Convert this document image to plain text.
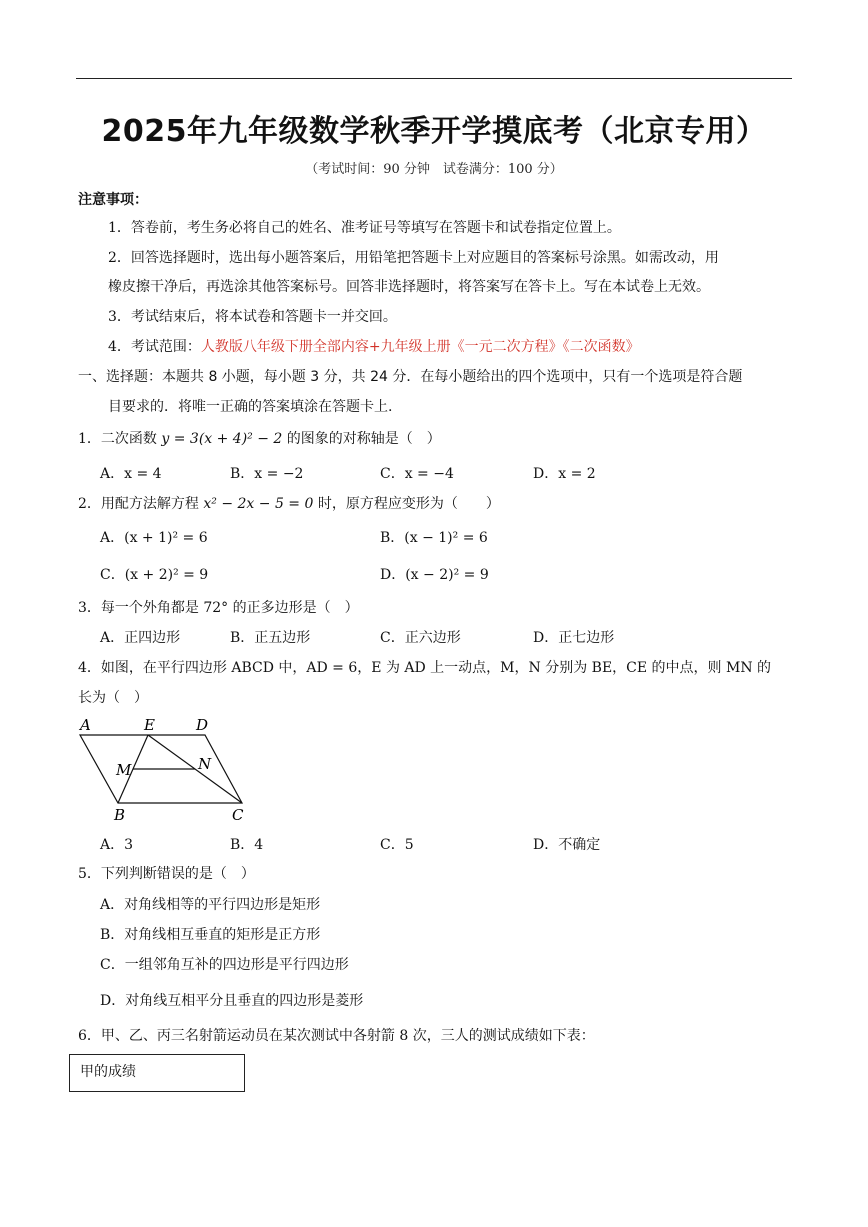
2025年九年级数学秋季开学摸底考（北京专用）
（考试时间：90 分钟　试卷满分：100 分）
注意事项：
1．答卷前，考生务必将自己的姓名、准考证号等填写在答题卡和试卷指定位置上。
2．回答选择题时，选出每小题答案后，用铅笔把答题卡上对应题目的答案标号涂黑。如需改动，用
橡皮擦干净后，再选涂其他答案标号。回答非选择题时，将答案写在答卡上。写在本试卷上无效。
3．考试结束后，将本试卷和答题卡一并交回。
4．考试范围：人教版八年级下册全部内容+九年级上册《一元二次方程》《二次函数》
一、选择题：本题共 8 小题，每小题 3 分，共 24 分．在每小题给出的四个选项中，只有一个选项是符合题
目要求的．将唯一正确的答案填涂在答题卡上.
1．二次函数 y = 3(x + 4)² − 2 的图象的对称轴是（　）
A．x = 4	B．x = −2	C．x = −4	D．x = 2
2．用配方法解方程 x² − 2x − 5 = 0 时，原方程应变形为（　　）
A．(x + 1)² = 6	B．(x − 1)² = 6
C．(x + 2)² = 9	D．(x − 2)² = 9
3．每一个外角都是 72° 的正多边形是（　）
A．正四边形	B．正五边形	C．正六边形	D．正七边形
4．如图，在平行四边形 ABCD 中，AD = 6，E 为 AD 上一动点，M，N 分别为 BE，CE 的中点，则 MN 的
长为（　）
A	E	D
M	N
B	C
A．3	B．4	C．5	D．不确定
5．下列判断错误的是（　）
A．对角线相等的平行四边形是矩形
B．对角线相互垂直的矩形是正方形
C．一组邻角互补的四边形是平行四边形
D．对角线互相平分且垂直的四边形是菱形
6．甲、乙、丙三名射箭运动员在某次测试中各射箭 8 次，三人的测试成绩如下表：
甲的成绩
